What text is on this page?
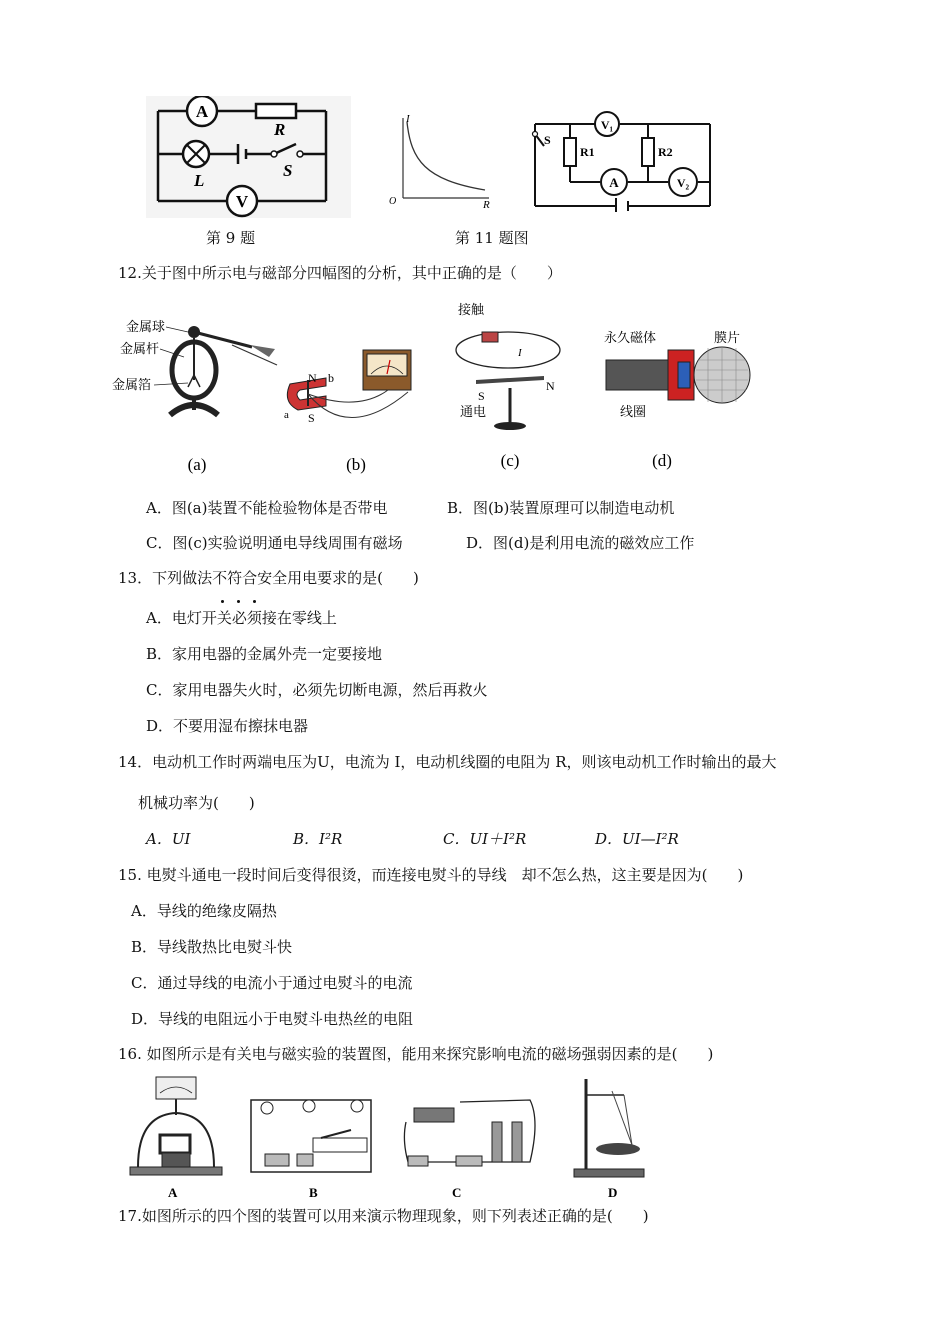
A
R
L
S
V
I
R
O
V₁
V₂
A
R1	R2
S
第 9 题	第 11 题图
12.关于图中所示电与磁部分四幅图的分析，其中正确的是（　　）
金属球
金属杆
金属箔
(a)
N b
a S
(b)
接触
I
S
N
通电
(c)
永久磁体	膜片
线圈
(d)
A．图(a)装置不能检验物体是否带电	B．图(b)装置原理可以制造电动机
C．图(c)实验说明通电导线周围有磁场	D．图(d)是利用电流的磁效应工作
13．下列做法不符合安全用电要求的是(　　)
A．电灯开关必须接在零线上
B．家用电器的金属外壳一定要接地
C．家用电器失火时，必须先切断电源，然后再救火
D．不要用湿布擦抹电器
14．电动机工作时两端电压为U，电流为 I，电动机线圈的电阻为 R，则该电动机工作时输出的最大
机械功率为(　　)
A．UI	B．I²R	C．UI＋I²R	D．UI—I²R
15. 电熨斗通电一段时间后变得很烫，而连接电熨斗的导线　却不怎么热，这主要是因为(　　)
A．导线的绝缘皮隔热
B．导线散热比电熨斗快
C．通过导线的电流小于通过电熨斗的电流
D．导线的电阻远小于电熨斗电热丝的电阻
16. 如图所示是有关电与磁实验的装置图，能用来探究影响电流的磁场强弱因素的是(　　)
A	B	C	D
17.如图所示的四个图的装置可以用来演示物理现象，则下列表述正确的是(　　)
